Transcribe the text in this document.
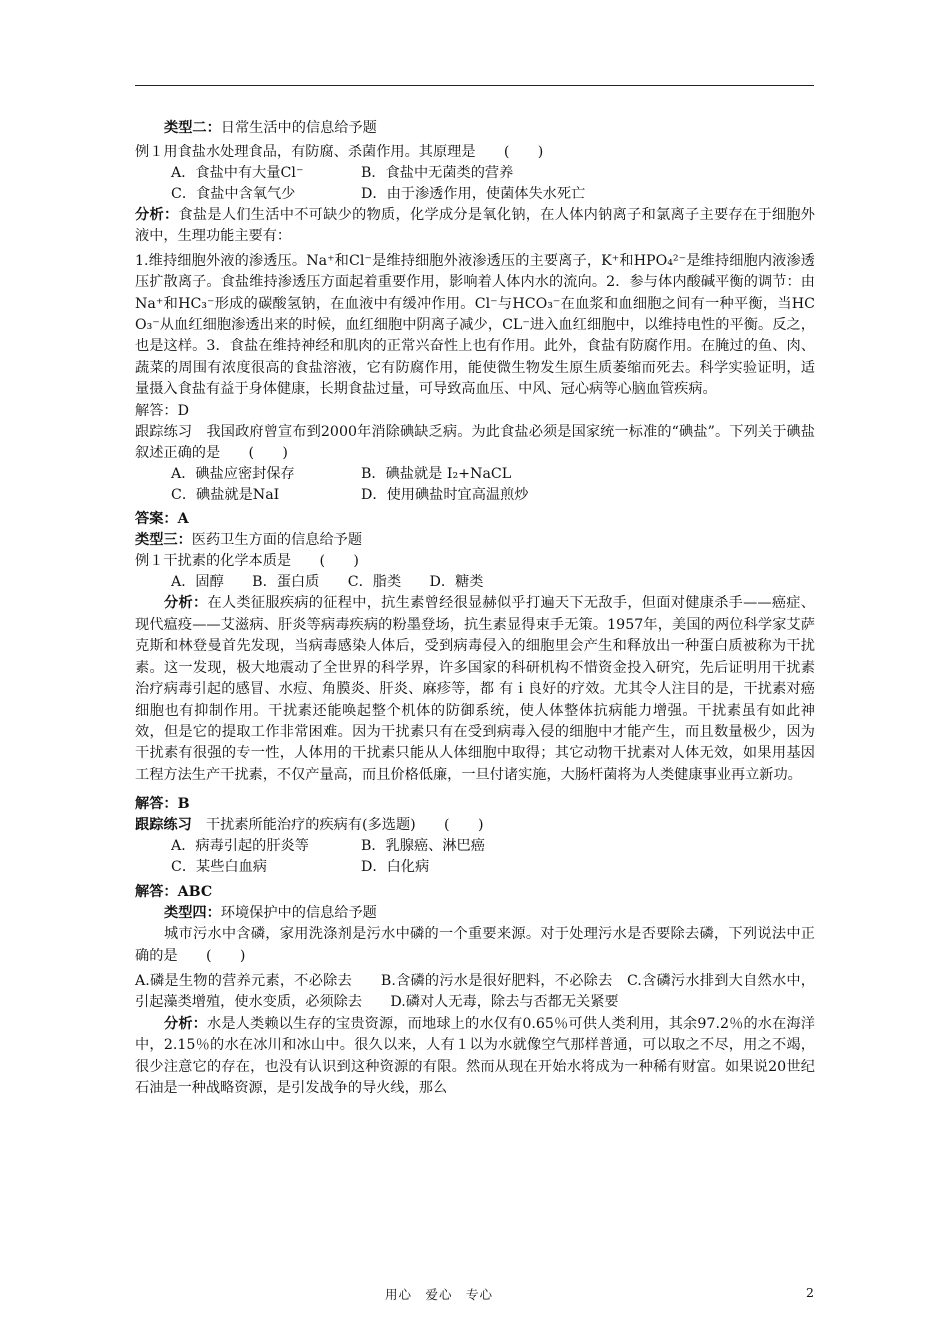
类型二：日常生活中的信息给予题
例１用食盐水处理食品，有防腐、杀菌作用。其原理是　　(　　)
A．食盐中有大量Cl⁻	B．食盐中无菌类的营养
C．食盐中含氧气少	D．由于渗透作用，使菌体失水死亡
分析：食盐是人们生活中不可缺少的物质，化学成分是氧化钠，在人体内钠离子和氯离子主要存在于细胞外液中，生理功能主要有：
1.维持细胞外液的渗透压。Na⁺和Cl⁻是维持细胞外液渗透压的主要离子，K⁺和HPO₄²⁻是维持细胞内液渗透压扩散离子。食盐维持渗透压方面起着重要作用，影响着人体内水的流向。2．参与体内酸碱平衡的调节：由Na⁺和HC₃⁻形成的碳酸氢钠，在血液中有缓冲作用。Cl⁻与HCO₃⁻在血浆和血细胞之间有一种平衡，当HCO₃⁻从血红细胞渗透出来的时候，血红细胞中阴离子减少，CL⁻进入血红细胞中，以维持电性的平衡。反之，也是这样。3．食盐在维持神经和肌肉的正常兴奋性上也有作用。此外，食盐有防腐作用。在腌过的鱼、肉、蔬菜的周围有浓度很高的食盐溶液，它有防腐作用，能使微生物发生原生质萎缩而死去。科学实验证明，适量摄入食盐有益于身体健康，长期食盐过量，可导致高血压、中风、冠心病等心脑血管疾病。
解答：D
跟踪练习　我国政府曾宣布到2000年消除碘缺乏病。为此食盐必须是国家统一标准的“碘盐”。下列关于碘盐叙述正确的是　　(　　)
A．碘盐应密封保存	B．碘盐就是 I₂+NaCL
C．碘盐就是NaI	D．使用碘盐时宜高温煎炒
答案：A
类型三：医药卫生方面的信息给予题
例１干扰素的化学本质是　　(　　)
A．固醇　　B．蛋白质　　C．脂类　　D．糖类
分析：在人类征服疾病的征程中，抗生素曾经很显赫似乎打遍天下无敌手，但面对健康杀手——癌症、现代瘟疫——艾滋病、肝炎等病毒疾病的粉墨登场，抗生素显得束手无策。1957年，美国的两位科学家艾萨克斯和林登曼首先发现，当病毒感染人体后，受到病毒侵入的细胞里会产生和释放出一种蛋白质被称为干扰素。这一发现，极大地震动了全世界的科学界，许多国家的科研机构不惜资金投入研究，先后证明用干扰素治疗病毒引起的感冒、水痘、角膜炎、肝炎、麻疹等，都 有ｉ良好的疗效。尤其令人注目的是，干扰素对癌细胞也有抑制作用。干扰素还能唤起整个机体的防御系统，使人体整体抗病能力增强。干扰素虽有如此神效，但是它的提取工作非常困难。因为干扰素只有在受到病毒入侵的细胞中才能产生，而且数量极少，因为干扰素有很强的专一性，人体用的干扰素只能从人体细胞中取得；其它动物干扰素对人体无效，如果用基因工程方法生产干扰素，不仅产量高，而且价格低廉，一旦付诸实施，大肠杆菌将为人类健康事业再立新功。
解答：B
跟踪练习　 干扰素所能治疗的疾病有(多选题)　　(　　)
A．病毒引起的肝炎等	B．乳腺癌、淋巴癌
C．某些白血病	D．白化病
解答：ABC
类型四：环境保护中的信息给予题
城市污水中含磷，家用洗涤剂是污水中磷的一个重要来源。对于处理污水是否要除去磷，下列说法中正确的是　　(　　)
A.磷是生物的营养元素，不必除去　　B.含磷的污水是很好肥料，不必除去　C.含磷污水排到大自然水中，引起藻类增殖，使水变质，必须除去　　D.磷对人无毒，除去与否都无关紧要
分析：水是人类赖以生存的宝贵资源，而地球上的水仅有0.65％可供人类利用，其余97.2％的水在海洋中，2.15％的水在冰川和冰山中。很久以来，人有１以为水就像空气那样普通，可以取之不尽，用之不竭，很少注意它的存在，也没有认识到这种资源的有限。然而从现在开始水将成为一种稀有财富。如果说20世纪石油是一种战略资源，是引发战争的导火线，那么
用心　爱心　专心	2
